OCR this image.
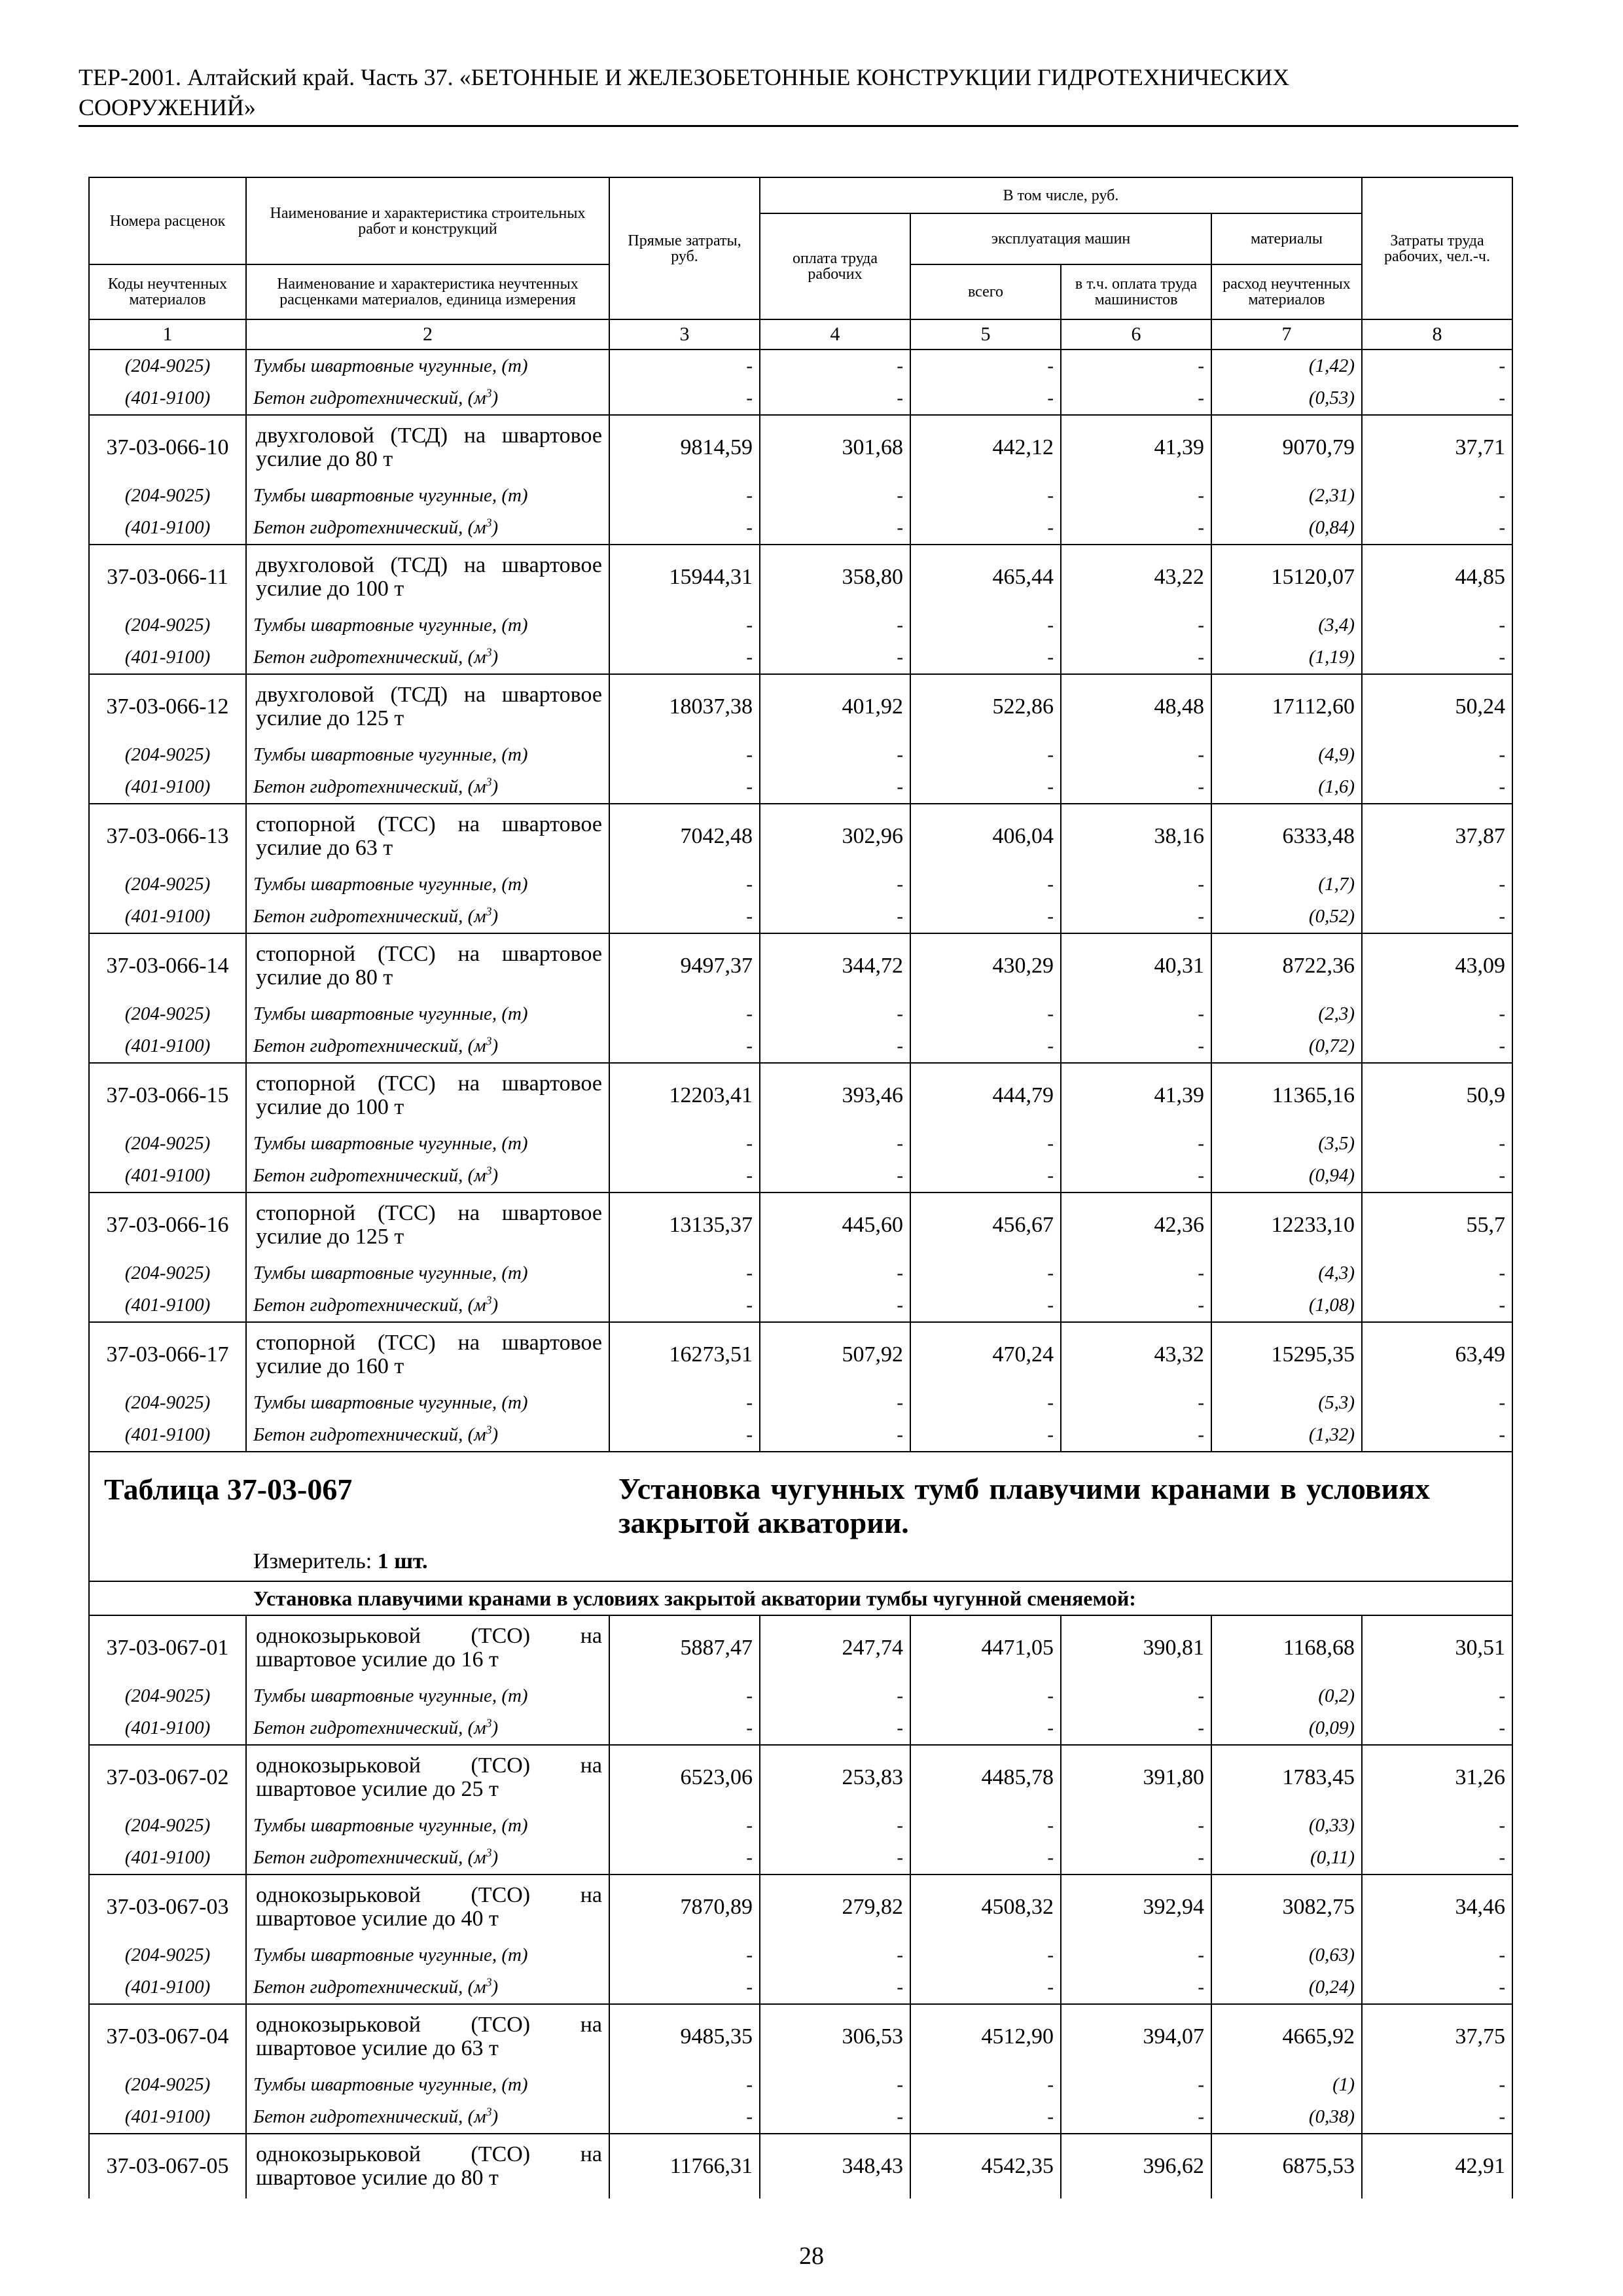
ТЕР-2001. Алтайский край. Часть 37. «БЕТОННЫЕ И ЖЕЛЕЗОБЕТОННЫЕ КОНСТРУКЦИИ ГИДРОТЕХНИЧЕСКИХ
СООРУЖЕНИЙ»
Номера расценок	Наименование и характеристика строительных работ и конструкций	Прямые затраты, руб.	В том числе, руб.				Затраты труда рабочих, чел.-ч.
			оплата труда рабочих	эксплуатация машин		материалы	
Коды неучтенных материалов	Наименование и характеристика неучтенных расценками материалов, единица измерения			всего	в т.ч. оплата труда машинистов	расход неучтенных материалов	
1	2	3	4	5	6	7	8
(204-9025)	Тумбы швартовные чугунные, (т)	-	-	-	-	(1,42)	-
(401-9100)	Бетон гидротехнический, $(м^3)$	-	-	-	-	(0,53)	-
37-03-066-10	двухголовой (ТСД) на швартовое усилие до 80 т	9814,59	301,68	442,12	41,39	9070,79	37,71
(204-9025)	Тумбы швартовные чугунные, (т)	-	-	-	-	(2,31)	-
(401-9100)	Бетон гидротехнический, $(м^3)$	-	-	-	-	(0,84)	-
37-03-066-11	двухголовой (ТСД) на швартовое усилие до 100 т	15944,31	358,80	465,44	43,22	15120,07	44,85
(204-9025)	Тумбы швартовные чугунные, (т)	-	-	-	-	(3,4)	-
(401-9100)	Бетон гидротехнический, $(м^3)$	-	-	-	-	(1,19)	-
37-03-066-12	двухголовой (ТСД) на швартовое усилие до 125 т	18037,38	401,92	522,86	48,48	17112,60	50,24
(204-9025)	Тумбы швартовные чугунные, (т)	-	-	-	-	(4,9)	-
(401-9100)	Бетон гидротехнический, $(м^3)$	-	-	-	-	(1,6)	-
37-03-066-13	стопорной (ТСС) на швартовое усилие до 63 т	7042,48	302,96	406,04	38,16	6333,48	37,87
(204-9025)	Тумбы швартовные чугунные, (т)	-	-	-	-	(1,7)	-
(401-9100)	Бетон гидротехнический, $(м^3)$	-	-	-	-	(0,52)	-
37-03-066-14	стопорной (ТСС) на швартовое усилие до 80 т	9497,37	344,72	430,29	40,31	8722,36	43,09
(204-9025)	Тумбы швартовные чугунные, (т)	-	-	-	-	(2,3)	-
(401-9100)	Бетон гидротехнический, $(м^3)$	-	-	-	-	(0,72)	-
37-03-066-15	стопорной (ТСС) на швартовое усилие до 100 т	12203,41	393,46	444,79	41,39	11365,16	50,9
(204-9025)	Тумбы швартовные чугунные, (т)	-	-	-	-	(3,5)	-
(401-9100)	Бетон гидротехнический, $(м^3)$	-	-	-	-	(0,94)	-
37-03-066-16	стопорной (ТСС) на швартовое усилие до 125 т	13135,37	445,60	456,67	42,36	12233,10	55,7
(204-9025)	Тумбы швартовные чугунные, (т)	-	-	-	-	(4,3)	-
(401-9100)	Бетон гидротехнический, $(м^3)$	-	-	-	-	(1,08)	-
37-03-066-17	стопорной (ТСС) на швартовое усилие до 160 т	16273,51	507,92	470,24	43,32	15295,35	63,49
(204-9025)	Тумбы швартовные чугунные, (т)	-	-	-	-	(5,3)	-
(401-9100)	Бетон гидротехнический, $(м^3)$	-	-	-	-	(1,32)	-

Таблица 37-03-067 Установка чугунных тумб плавучими кранами в условиях закрытой акватории.
Измеритель: 1 шт.							

Установка плавучими кранами в условиях закрытой акватории тумбы чугунной сменяемой:							
37-03-067-01	однокозырьковой (ТСО) на швартовое усилие до 16 т	5887,47	247,74	4471,05	390,81	1168,68	30,51
(204-9025)	Тумбы швартовные чугунные, (т)	-	-	-	-	(0,2)	-
(401-9100)	Бетон гидротехнический, $(м^3)$	-	-	-	-	(0,09)	-
37-03-067-02	однокозырьковой (ТСО) на швартовое усилие до 25 т	6523,06	253,83	4485,78	391,80	1783,45	31,26
(204-9025)	Тумбы швартовные чугунные, (т)	-	-	-	-	(0,33)	-
(401-9100)	Бетон гидротехнический, $(м^3)$	-	-	-	-	(0,11)	-
37-03-067-03	однокозырьковой (ТСО) на швартовое усилие до 40 т	7870,89	279,82	4508,32	392,94	3082,75	34,46
(204-9025)	Тумбы швартовные чугунные, (т)	-	-	-	-	(0,63)	-
(401-9100)	Бетон гидротехнический, $(м^3)$	-	-	-	-	(0,24)	-
37-03-067-04	однокозырьковой (ТСО) на швартовое усилие до 63 т	9485,35	306,53	4512,90	394,07	4665,92	37,75
(204-9025)	Тумбы швартовные чугунные, (т)	-	-	-	-	(1)	-
(401-9100)	Бетон гидротехнический, $(м^3)$	-	-	-	-	(0,38)	-
37-03-067-05	однокозырьковой (ТСО) на швартовое усилие до 80 т	11766,31	348,43	4542,35	396,62	6875,53	42,91
28
